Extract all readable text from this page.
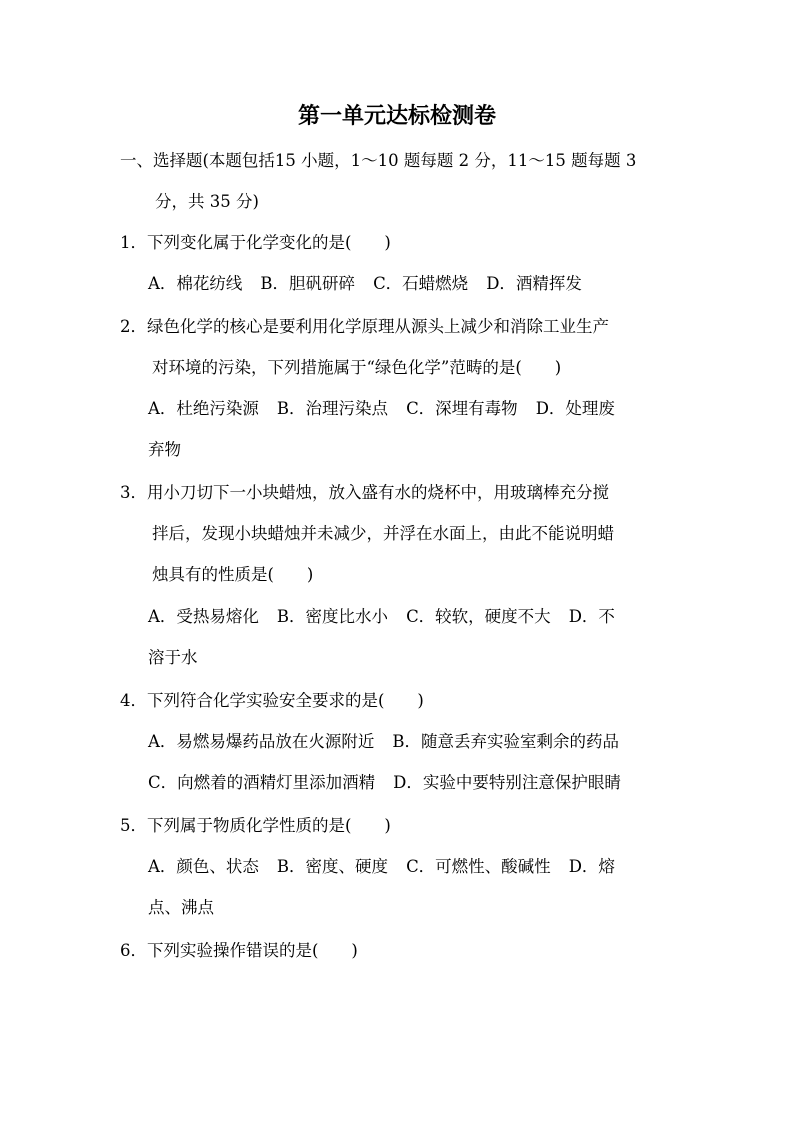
第一单元达标检测卷
一、选择题(本题包括15 小题，1～10 题每题 2 分，11～15 题每题 3
分，共 35 分)
1．下列变化属于化学变化的是(　　)
A．棉花纺线 B．胆矾研碎 C．石蜡燃烧 D．酒精挥发
2．绿色化学的核心是要利用化学原理从源头上减少和消除工业生产
对环境的污染，下列措施属于“绿色化学”范畴的是(　　)
A．杜绝污染源 B．治理污染点 C．深埋有毒物 D．处理废
弃物
3．用小刀切下一小块蜡烛，放入盛有水的烧杯中，用玻璃棒充分搅
拌后，发现小块蜡烛并未减少，并浮在水面上，由此不能说明蜡
烛具有的性质是(　　)
A．受热易熔化 B．密度比水小 C．较软，硬度不大 D．不
溶于水
4．下列符合化学实验安全要求的是(　　)
A．易燃易爆药品放在火源附近 B．随意丢弃实验室剩余的药品
C．向燃着的酒精灯里添加酒精 D．实验中要特别注意保护眼睛
5．下列属于物质化学性质的是(　　)
A．颜色、状态 B．密度、硬度 C．可燃性、酸碱性 D．熔
点、沸点
6．下列实验操作错误的是(　　)
